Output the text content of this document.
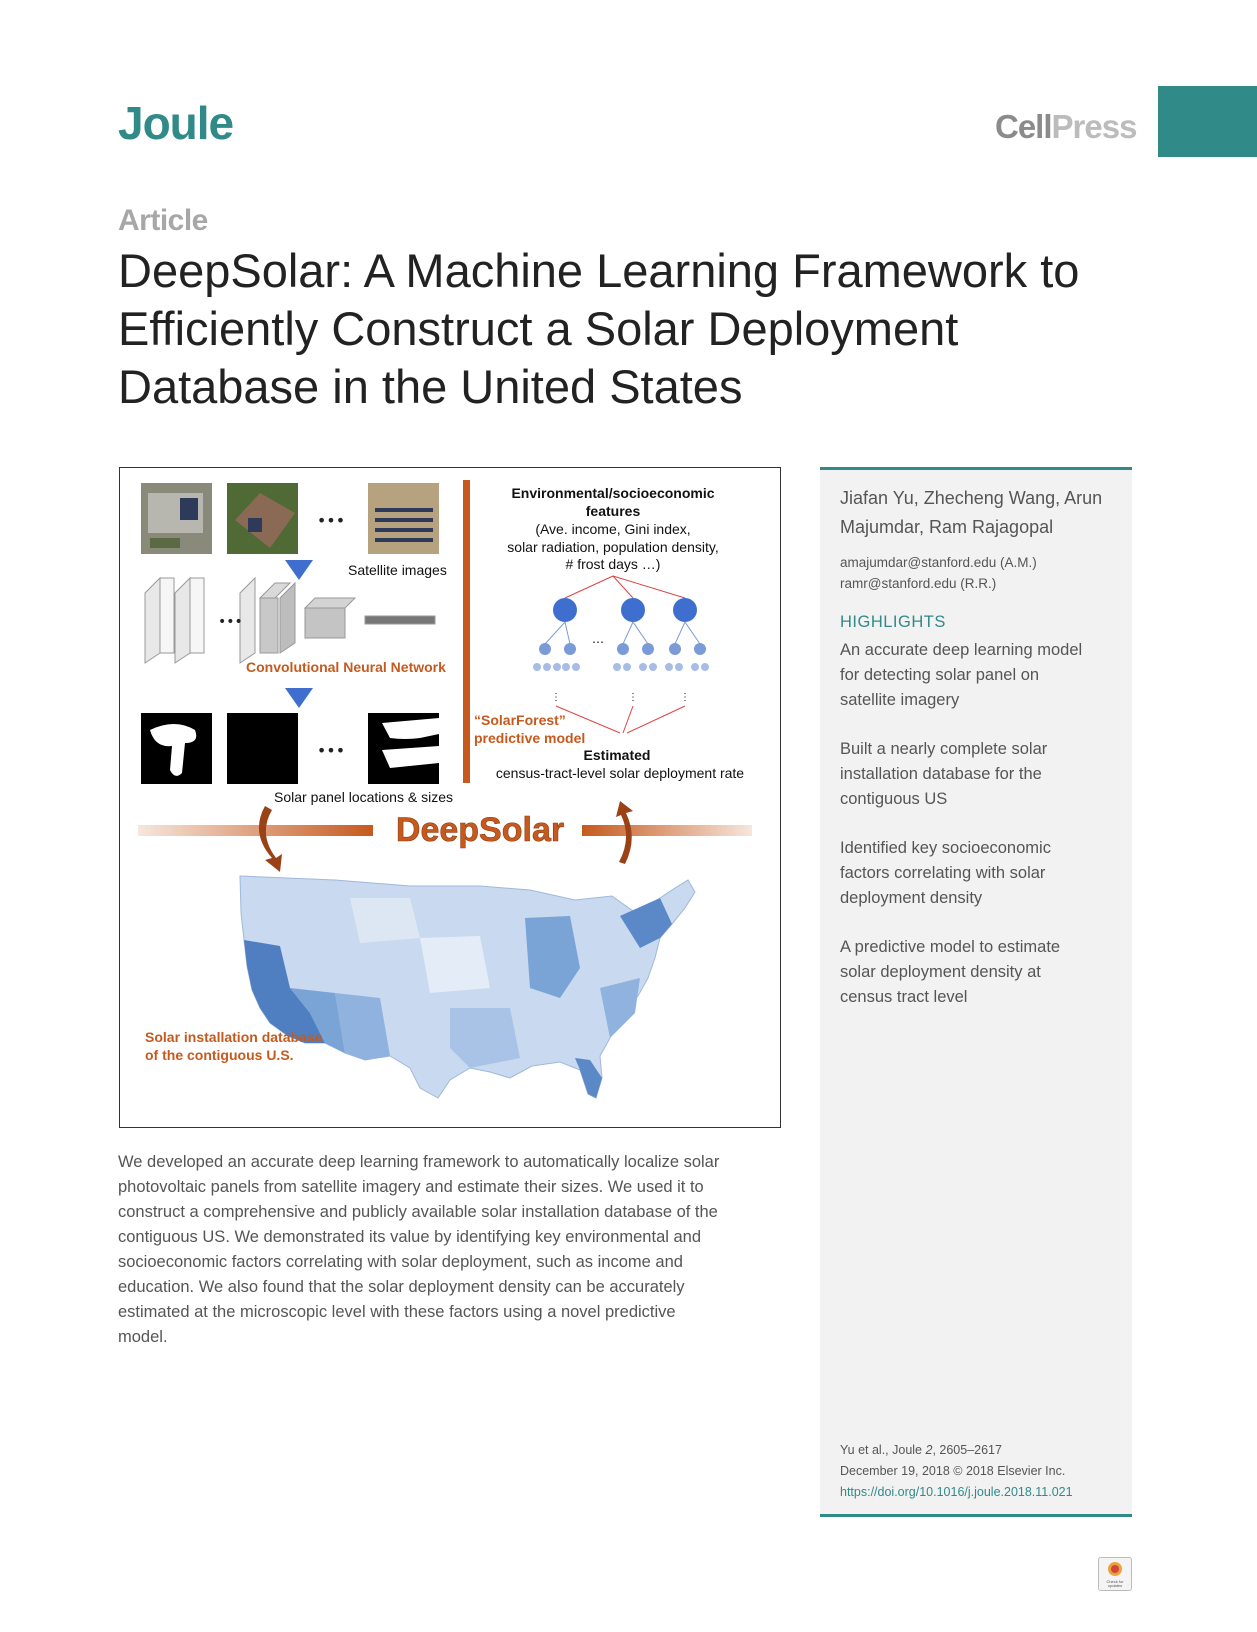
Joule	CellPress
Article
DeepSolar: A Machine Learning Framework to
Efficiently Construct a Solar Deployment
Database in the United States
•••
Satellite images
•••
Convolutional Neural Network
•••
Solar panel locations & sizes
Environmental/socioeconomic
features
(Ave. income, Gini index,
solar radiation, population density,
# frost days …)
⋮	⋮	⋮
…
“SolarForest”
predictive model
Estimated
census-tract-level solar deployment rate
DeepSolar
Solar installation database
of the contiguous U.S.
We developed an accurate deep learning framework to automatically localize solar
photovoltaic panels from satellite imagery and estimate their sizes. We used it to
construct a comprehensive and publicly available solar installation database of the
contiguous US. We demonstrated its value by identifying key environmental and
socioeconomic factors correlating with solar deployment, such as income and
education. We also found that the solar deployment density can be accurately
estimated at the microscopic level with these factors using a novel predictive
model.
Jiafan Yu, Zhecheng Wang, Arun
Majumdar, Ram Rajagopal
amajumdar@stanford.edu (A.M.)
ramr@stanford.edu (R.R.)
HIGHLIGHTS
An accurate deep learning model
for detecting solar panel on
satellite imagery
Built a nearly complete solar
installation database for the
contiguous US
Identified key socioeconomic
factors correlating with solar
deployment density
A predictive model to estimate
solar deployment density at
census tract level
Yu et al., Joule 2, 2605–2617
December 19, 2018 © 2018 Elsevier Inc.
https://doi.org/10.1016/j.joule.2018.11.021
Check for
updates
